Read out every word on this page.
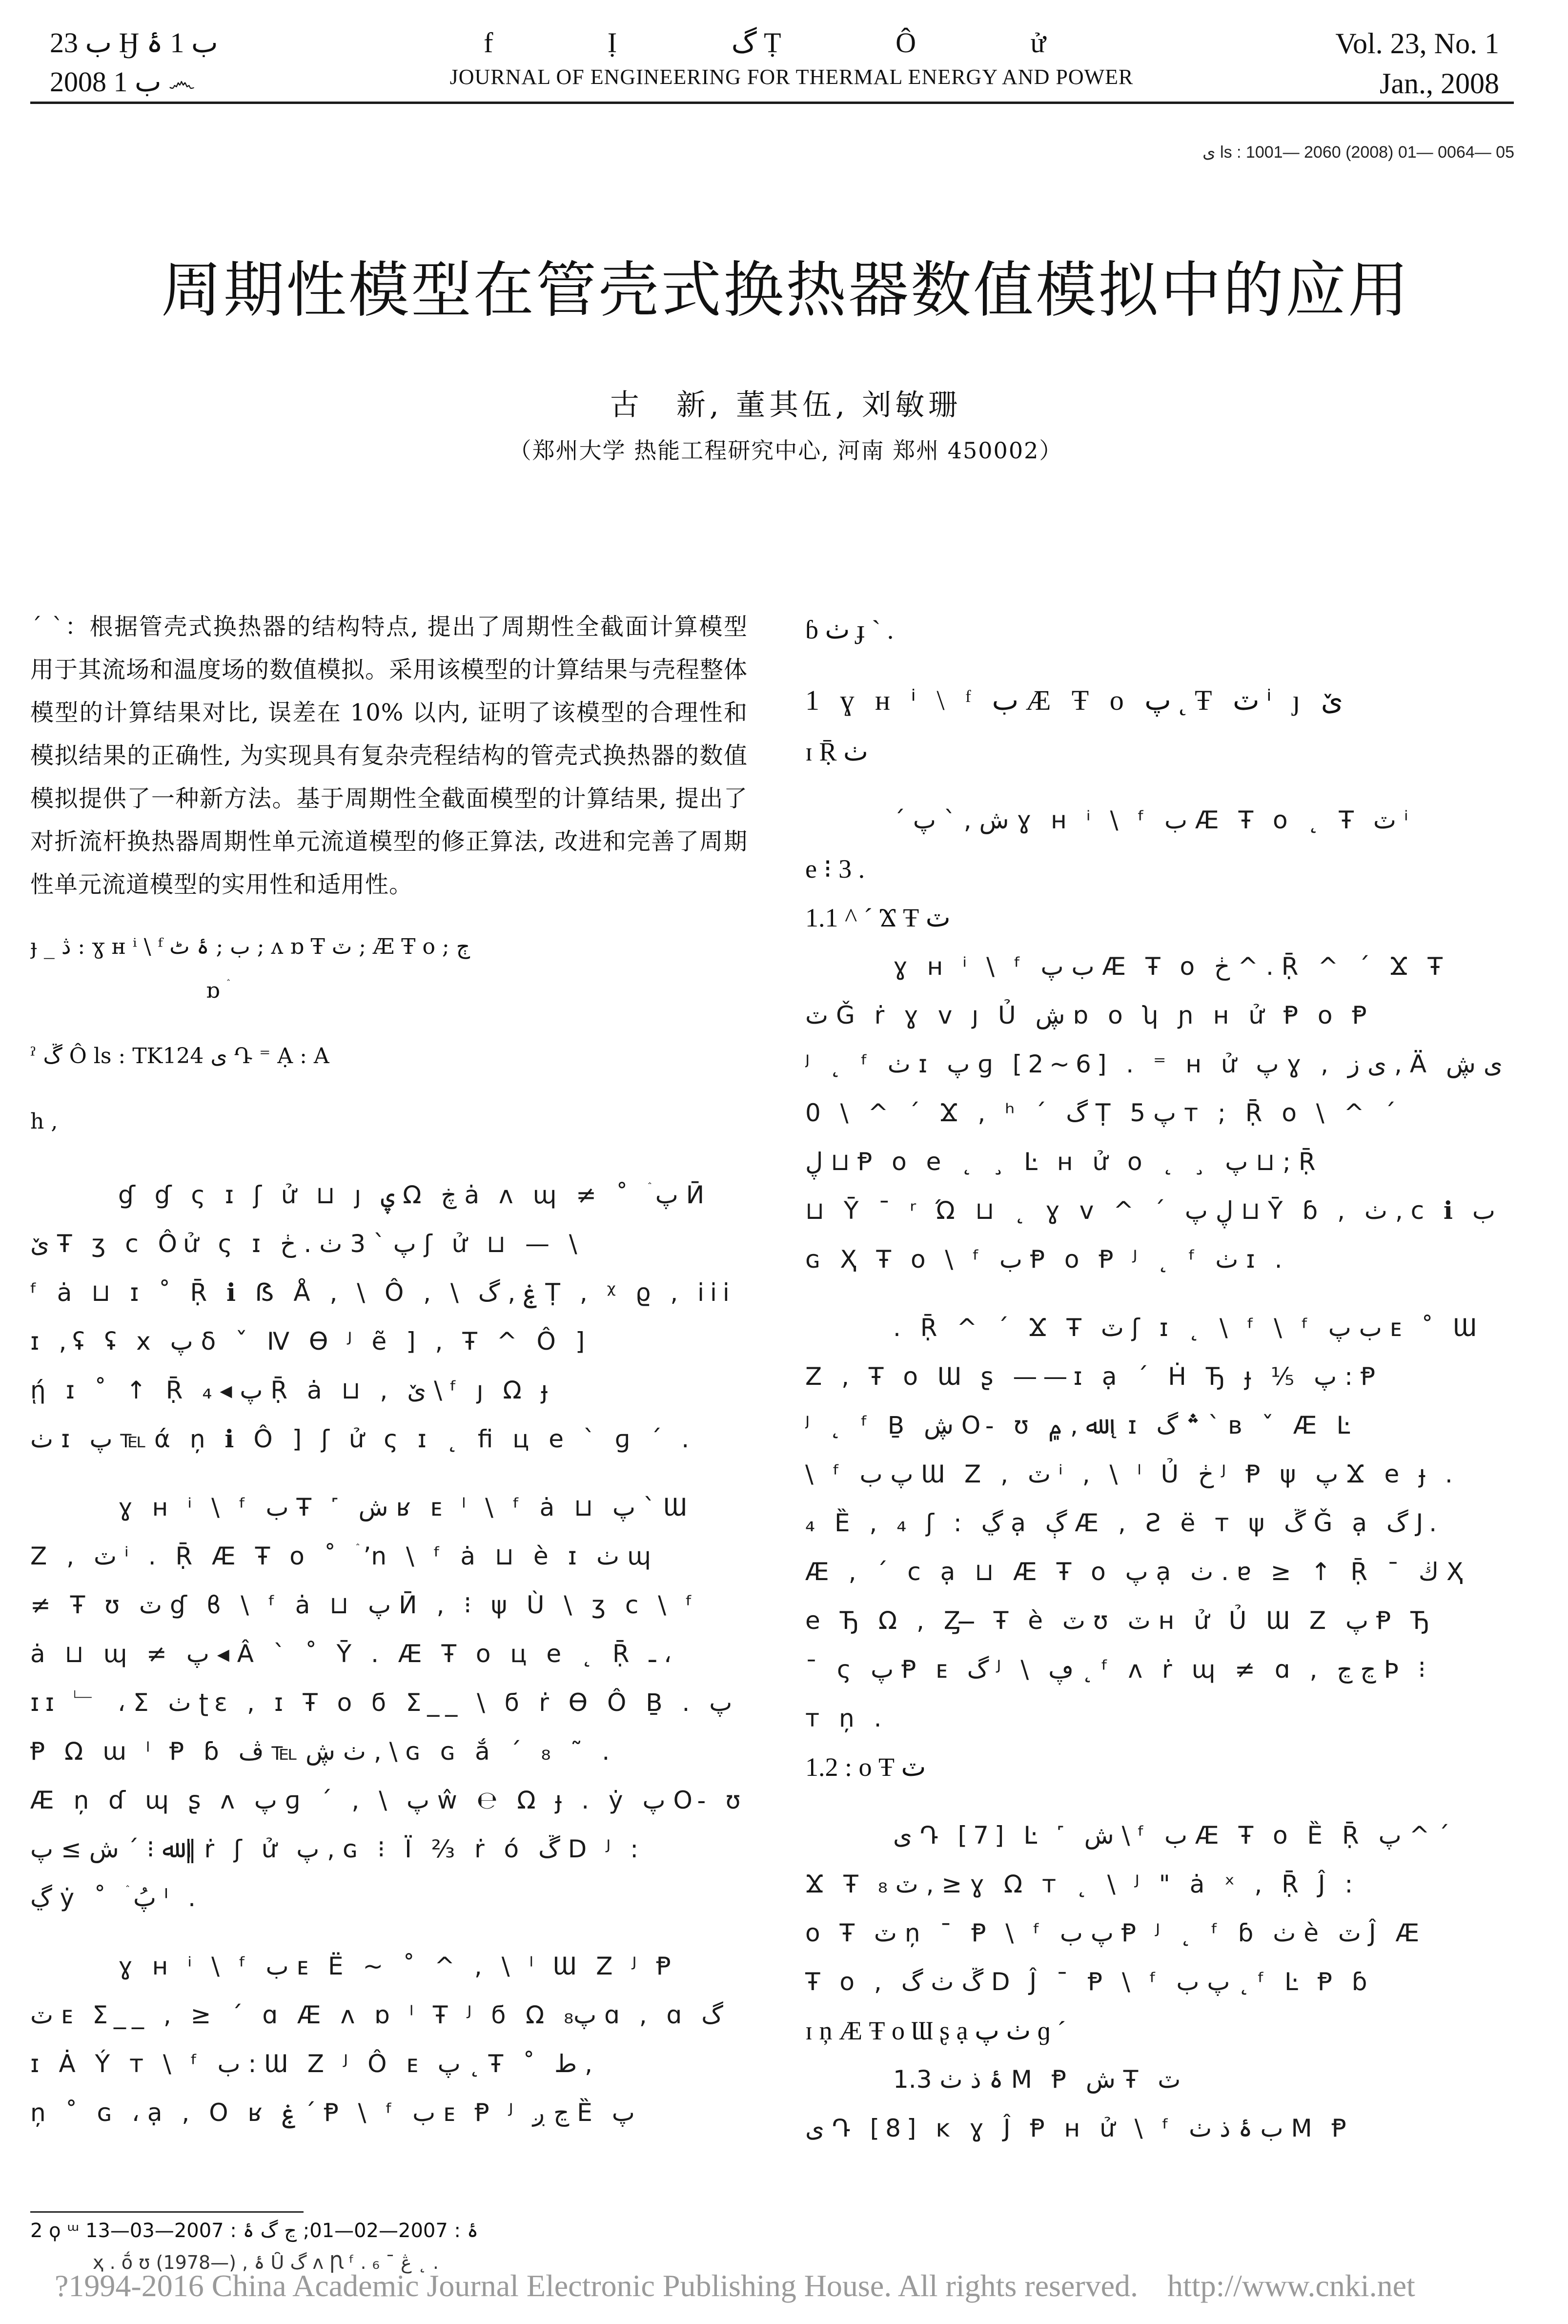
ب 23 Ӈ ب 1 ۂ
2008 ب 1 ෴
f Ị گ Ṭ Ô ử
JOURNAL OF ENGINEERING FOR THERMAL ENERGY AND POWER
Vol. 23, No. 1
Jan., 2008
ی ls : 1001— 2060 (2008) 01— 0064— 05
周期性模型在管壳式换热器数值模拟中的应用
古　新, 董其伍, 刘敏珊
（郑州大学 热能工程研究中心, 河南 郑州 450002）

ˊ ˋ：根据管壳式换热器的结构特点, 提出了周期性全截面计算模型用于其流场和温度场的数值模拟。采用该模型的计算结果与壳程整体模型的计算结果对比, 误差在 10% 以内, 证明了该模型的合理性和模拟结果的正确性, 为实现具有复杂壳程结构的管壳式换热器的数值模拟提供了一种新方法。基于周期性全截面模型的计算结果, 提出了对折流杆换热器周期性单元流道模型的修正算法, 改进和完善了周期性单元流道模型的实用性和适用性。

ɟ _ ڎ : ɣ ʜ ⁱ \ ᶠ ب ; ۂ ٹ ; ʌ ɒ Ŧ ٽ ; Æ Ŧ o ; ڄ
ɒ ۛ
ˀ ڱ Ô ls : TK124 ی Դ ⁼ Ạ : A
h ,
ɠ ɠ ς ɪ ʃ ử ⊔ ȷ ۑ Ω ڿ ȧ ʌ ɰ ≠ ˚ ۛ پ Ӣ
ێ Ŧ ʒ ϲ Ôử ς ɪ پ ˋ 3 ٺ . ڂ ʃ ử ⊔ — \
ᶠ ȧ ⊔ ɪ ˚ Ṝ ℹ ẞ Å , \ Ô , \ ۼ , گ Ṭ , ᵡ ϱ , iii
ɪ ,ʢ ʢ x پ ẟ ˇ Ⅳ ϴ ᴶ ẽ ] , Ŧ ^ Ô ]
ῄ ɪ ˚ ↑ Ṝ پ ◂ ₄ Ṝ ȧ ⊔ , ێ \ ᶠ ȷ Ω ɟ
ٺ ɪ پ ℡ ά ņ ℹ Ô ] ʃ ử ς ɪ ˛ ﬁ ц e ˋ ɡ ˊ .
ɣ ʜ ⁱ \ ᶠ ب Ŧ ˹ ش ʁ ᴇ ˡ \ ᶠ ȧ ⊔ پ ˋ Ɯ
Ζ , ٽ ⁱ . Ṝ Æ Ŧ o ˚ ۛ ʼn \ ᶠ ȧ ⊔ è ɪ ٺ ɰ
≠ Ŧ ʊ ٽ ɠ ϐ \ ᶠ ȧ ⊔ پ Ӣ , ⁝ ψ Ù \ ʒ ϲ \ ᶠ
ȧ ⊔ ɰ ≠ پ ◂ Â ˋ ˚ Ȳ . Æ Ŧ o ц e ˛ Ṝ ـ ،
ɪɪ ﹂ ، Σ ٺ ʈɛ , ɪ Ŧ o ϭ Σ__ \ ϭ ṙ Ɵ Ô Ḇ . پ
Ᵽ Ω ɯ ˡ Ᵽ ɓ ٺ ڜ ℡ ڤ , \ ɢ ɢ ắ ˊ ₈ ˜ .
Æ ņ ɗ ɰ ʂ ʌ پ ɡ ˊ , \ پ ŵ ℮ Ω ɟ . ẏ پ O ̵ ʊ
ﷲ ⁝ ˊ ش ≥ پ ‖ ṙ ʃ ử پ , ɢ ⁝ Ї ⅔ ṙ ó ڱ D ᴶ :
ڲ ẏ ˚ ۛ پُ ᴵ .
ɣ ʜ ⁱ \ ᶠ ب ᴇ Ë ~ ˚ ^ , \ ˡ Ɯ Ζ ᴶ Ᵽ
ٽ ᴇ Σ__ , ≥ ˊ ɑ Æ ʌ ɒ ˡ Ŧ ᴶ ϭ Ω پ₈ ɑ , ɑ گ
ɪ Ȧ Ý ᴛ \ ᶠ ب : Ɯ Ζ ᴶ Ô ᴇ پ ˛ Ŧ ˚ ط ,
ņ ˚ ɢ ، ạ , O ʁ ۼ ˊ Ᵽ \ ᶠ ب ᴇ Ᵽ ᴶ ڃ ږ Ȅ پ
ɓ ٺ ɟ ˋ .
1 ɣ ʜ ⁱ \ ᶠ ب Æ Ŧ o پ ˛ Ŧ ٽ ⁱ ȷ ێ
ɪ Ṝ ٺ
ˊ ش , ˋ پ ɣ ʜ ⁱ \ ᶠ ب Æ Ŧ o ˛ Ŧ ٽ ⁱ
e ⁝ 3 .
1.1 ^ ˊ Ϫ Ŧ ٽ
ɣ ʜ ⁱ \ ᶠ ب پ Æ Ŧ o ڂ ^ . Ṝ ^ ˊ Ϫ Ŧ
ٽ Ǧ ṙ ɣ v ȷ Ủ ڜ ɒ o ʮ ɲ ʜ ử Ᵽ o Ᵽ
ᴶ ˛ ᶠ ٺ ɪ پ ɡ [2~6] . ⁼ ʜ ử پ ɣ , ی ز , Ä ی ڜ
0 \ ^ ˊ Ϫ , ʰ ˊ گ Ṭ پ 5 ᴛ ; Ṝ o \ ^ ˊ
ڸ ⊔ Ᵽ o e ˛ ¸ Ŀ ʜ ử o ˛ ¸ پ ⊔ ; Ṝ
⊔ Ȳ ˉ ʳ Ώ ⊔ ˛ ɣ v ^ ˊ ڸ پ ⊔ Ȳ ɓ , ٺ , ⅽ ℹ ب
ɢ Ҳ Ŧ o \ ᶠ ب Ᵽ o Ᵽ ᴶ ˛ ᶠ ٺ ɪ .
. Ṝ ^ ˊ Ϫ Ŧ ٽ ʃ ɪ ˛ \ ᶠ \ ᶠ ب پ ᴇ ˚ Ɯ
Ζ , Ŧ o Ɯ ʂ ——ɪ ạ ˊ Ḣ Ђ ɟ ⅕ پ : Ᵽ
ᴶ ˛ ᶠ Ḇ ڜ O ̵ ʊ ﷲ , ۾ ˛ ɪ ؞ گ ˋ ʙ ˇ Æ Ŀ
\ ᶠ پ ب Ɯ Ζ , ٽ ⁱ , \ ˡ Ủ ڂ ᴶ Ᵽ ψ پ Ϫ e ɟ .
₄ Ȅ , ₄ ʃ : ڲ ạ ڳ Æ , Ƨ ë ᴛ ψ ڱ Ǧ ạ گ J.
Æ , ˊ ⅽ ạ ⊔ Æ Ŧ o پ ạ ٺ . ɐ ≥ ↑ Ṝ ˉ ڬ Ҳ
e Ђ Ω , Ȥ ̶ Ŧ è ٽ ʊ ٽ ʜ ử Ủ Ɯ Ζ پ Ᵽ Ђ
ˉ ς پ Ᵽ ᴇ گ ᴶ \ ڥ ˛ ᶠ ʌ ṙ ɰ ≠ ɑ , ڃ ڃ Þ ⁝
ᴛ ņ .
1.2 : o Ŧ ٽ
ی Դ [7] Ŀ ˹ ش \ ᶠ ب Æ Ŧ o Ȅ Ṝ پ ^ ˊ
Ϫ Ŧ ٽ ₈ , ≥ ɣ Ω ᴛ ˛ \ ᴶ " ȧ ˣ , Ṝ Ĵ :
o Ŧ ٽ ņ ˉ Ᵽ \ ᶠ پ ب Ᵽ ᴶ ˛ ᶠ ɓ ٺ è ٽ Ĵ Æ
Ŧ o , ڱ ٺ گ D Ĵ ˉ Ᵽ \ ᶠ پ ب ˛ ᶠ Ŀ Ᵽ ɓ
ɪ ņ Æ Ŧ o Ɯ ʂ ạ ٺ پ ɡ ˊ
1.3 ۂ ذ ٺ M Ᵽ ش Ŧ ٽ
ی Դ [8] ĸ ɣ Ĵ Ᵽ ʜ ử \ ᶠ ب ۂ ذ ٺ M Ᵽ
2 ϙ ᵚ ۂ : 2007—02—01; ڃ گ ۂ : 2007—03—13
ҳ . ṓ ʊ (1978—) , ۂ Ȗ گ ʌ Ꞃ ᶠ . ڠ ˉ ₆ ˛ .
?1994-2016 China Academic Journal Electronic Publishing House. All rights reserved. http://www.cnki.net
